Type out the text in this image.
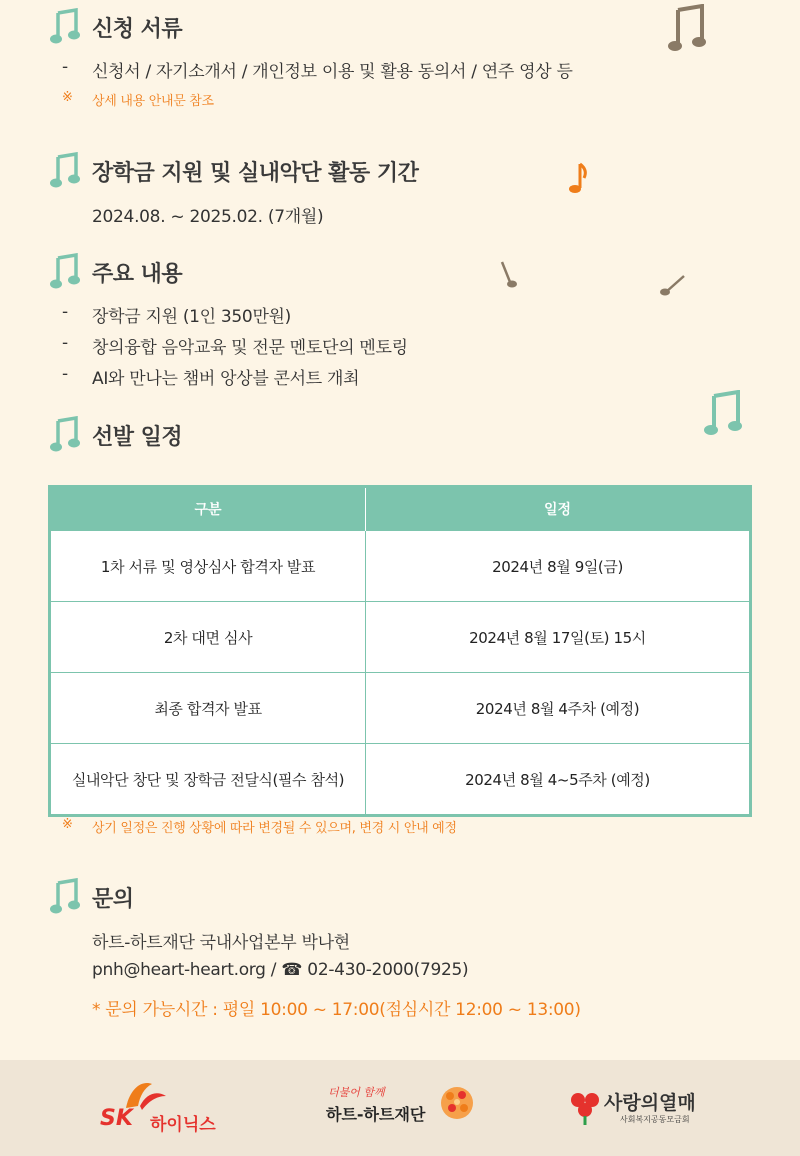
신청 서류
- 신청서 / 자기소개서 / 개인정보 이용 및 활용 동의서 / 연주 영상 등
※ 상세 내용 안내문 참조
장학금 지원 및 실내악단 활동 기간
2024.08. ~ 2025.02. (7개월)
주요 내용
- 장학금 지원 (1인 350만원)
- 창의융합 음악교육 및 전문 멘토단의 멘토링
- AI와 만나는 챔버 앙상블 콘서트 개최
선발 일정
구분	일정
1차 서류 및 영상심사 합격자 발표	2024년 8월 9일(금)
2차 대면 심사	2024년 8월 17일(토) 15시
최종 합격자 발표	2024년 8월 4주차 (예정)
실내악단 창단 및 장학금 전달식(필수 참석)	2024년 8월 4~5주차 (예정)
※ 상기 일정은 진행 상황에 따라 변경될 수 있으며, 변경 시 안내 예정
문의
하트-하트재단 국내사업본부 박나현
pnh@heart-heart.org / ☎ 02-430-2000(7925)
* 문의 가능시간 : 평일 10:00 ~ 17:00(점심시간 12:00 ~ 13:00)
SK 하이닉스
더불어 함께
하트-하트재단
사랑의열매
사회복지공동모금회
